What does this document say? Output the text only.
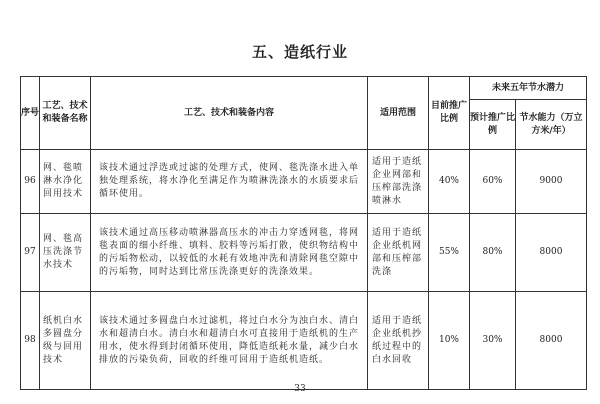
五、造纸行业
序号	工艺、技术和装备名称	工艺、技术和装备内容	适用范围	目前推广比例	未来五年节水潜力	
					预计推广比例	节水能力（万立方米/年）
96	网、毯喷淋水净化回用技术	该技术通过浮选或过滤的处理方式，使网、毯洗涤水进入单独处理系统，将水净化至满足作为喷淋洗涤水的水质要求后循环使用。	适用于造纸企业网部和压榨部洗涤喷淋水	40%	60%	9000
97	网、毯高压洗涤节水技术	该技术通过高压移动喷淋器高压水的冲击力穿透网毯，将网毯表面的细小纤维、填料、胶料等污垢打散，使织物结构中的污垢物松动，以较低的水耗有效地冲洗和清除网毯空隙中的污垢物，同时达到比常压洗涤更好的洗涤效果。	适用于造纸企业纸机网部和压榨部洗涤	55%	80%	8000
98	纸机白水多圆盘分级与回用技术	该技术通过多圆盘白水过滤机，将过白水分为浊白水、清白水和超清白水。清白水和超清白水可直接用于造纸机的生产用水，使水得到封闭循环使用，降低造纸耗水量，减少白水排放的污染负荷，回收的纤维可回用于造纸机造纸。	适用于造纸企业纸机抄纸过程中的白水回收	10%	30%	8000
33
